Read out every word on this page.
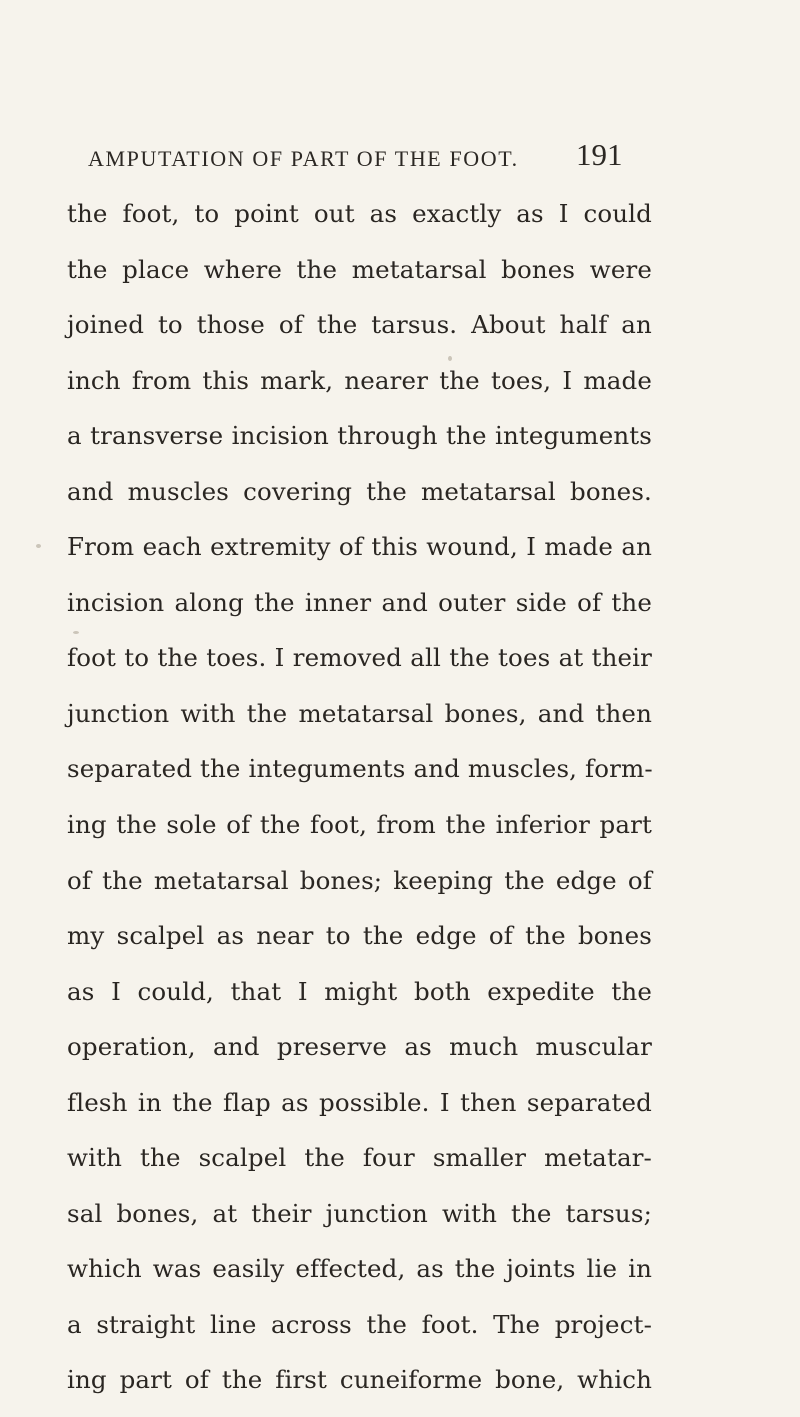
AMPUTATION OF PART OF THE FOOT. 191
the foot, to point out as exactly as I could
the place where the metatarsal bones were
joined to those of the tarsus. About half an
inch from this mark, nearer the toes, I made
a transverse incision through the integuments
and muscles covering the metatarsal bones.
From each extremity of this wound, I made an
incision along the inner and outer side of the
foot to the toes. I removed all the toes at their
junction with the metatarsal bones, and then
separated the integuments and muscles, form-
ing the sole of the foot, from the inferior part
of the metatarsal bones; keeping the edge of
my scalpel as near to the edge of the bones
as I could, that I might both expedite the
operation, and preserve as much muscular
flesh in the flap as possible. I then separated
with the scalpel the four smaller metatar-
sal bones, at their junction with the tarsus;
which was easily effected, as the joints lie in
a straight line across the foot. The project-
ing part of the first cuneiforme bone, which
